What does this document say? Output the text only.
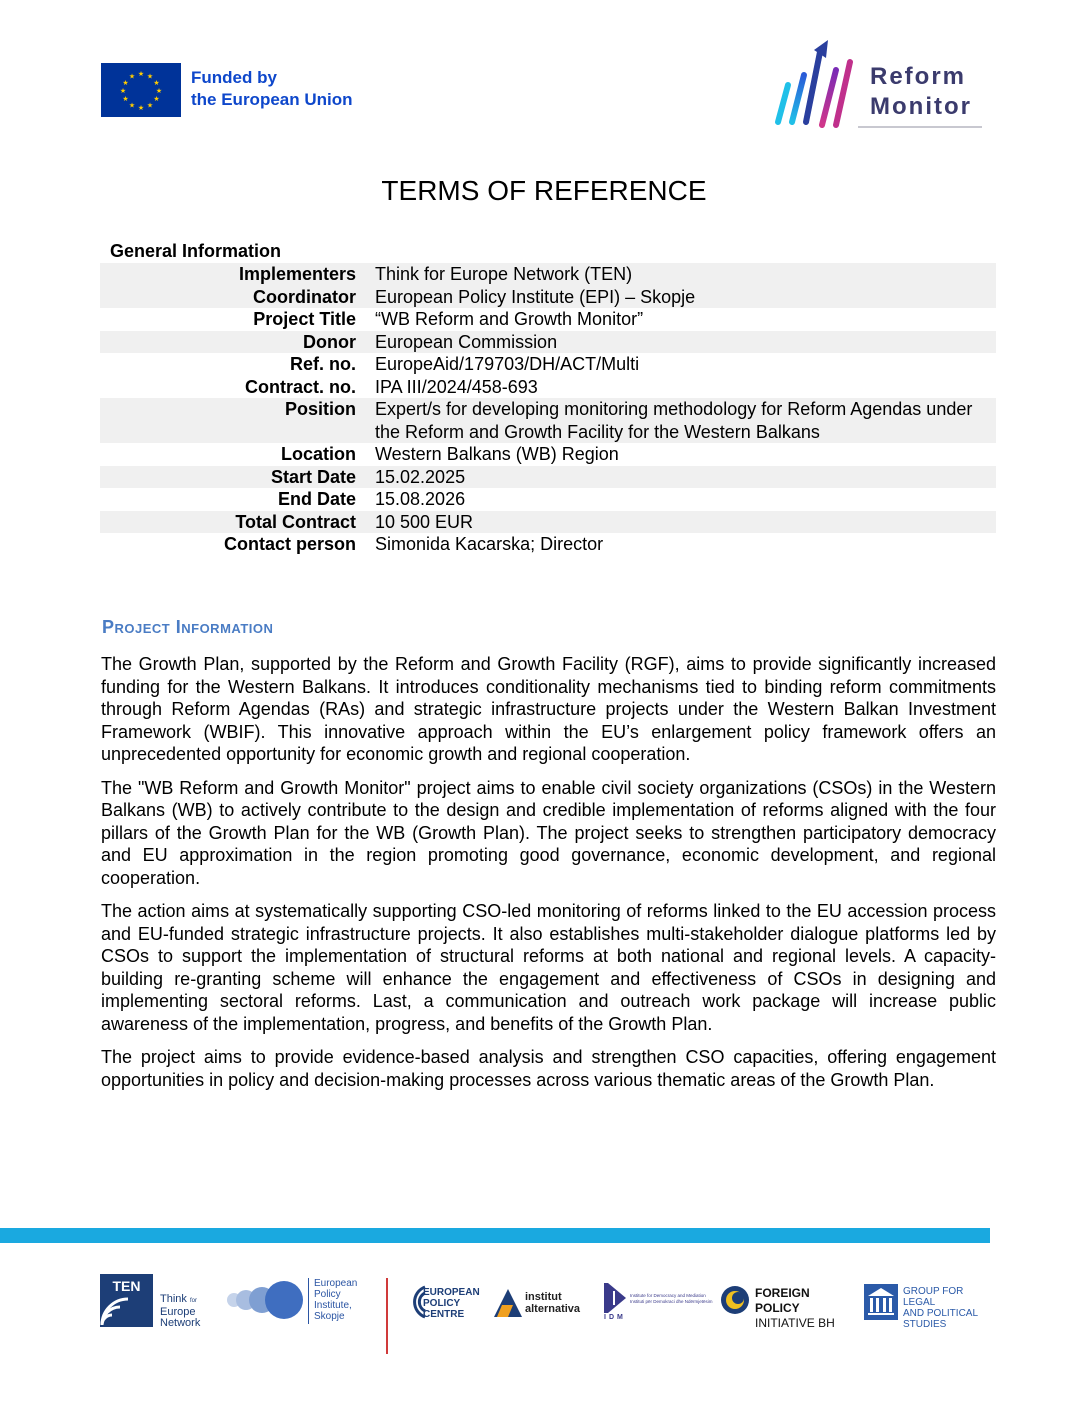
★ ★
★
★
★
★
★
★
★
★
★
★	Funded by
the European Union
Reform
Monitor
TERMS OF REFERENCE
General Information
Implementers	Think for Europe Network (TEN)
Coordinator	European Policy Institute (EPI) – Skopje
Project Title	“WB Reform and Growth Monitor”
Donor	European Commission
Ref. no.	EuropeAid/179703/DH/ACT/Multi
Contract. no.	IPA III/2024/458-693
Position	Expert/s for developing monitoring methodology for Reform Agendas under the Reform and Growth Facility for the Western Balkans
Location	Western Balkans (WB) Region
Start Date	15.02.2025
End Date	15.08.2026
Total Contract	10 500 EUR
Contact person	Simonida Kacarska; Director
Project Information

The Growth Plan, supported by the Reform and Growth Facility (RGF), aims to provide significantly increased funding for the Western Balkans. It introduces conditionality mechanisms tied to binding reform commitments through Reform Agendas (RAs) and strategic infrastructure projects under the Western Balkan Investment Framework (WBIF). This innovative approach within the EU’s enlargement policy framework offers an unprecedented opportunity for economic growth and regional cooperation.

The "WB Reform and Growth Monitor" project aims to enable civil society organizations (CSOs) in the Western Balkans (WB) to actively contribute to the design and credible implementation of reforms aligned with the four pillars of the Growth Plan for the WB (Growth Plan). The project seeks to strengthen participatory democracy and EU approximation in the region promoting good governance, economic development, and regional cooperation.

The action aims at systematically supporting CSO-led monitoring of reforms linked to the EU accession process and EU-funded strategic infrastructure projects. It also establishes multi-stakeholder dialogue platforms led by CSOs to support the implementation of structural reforms at both national and regional levels. A capacity-building re-granting scheme will enhance the engagement and effectiveness of CSOs in designing and implementing sectoral reforms. Last, a communication and outreach work package will increase public awareness of the implementation, progress, and benefits of the Growth Plan.

The project aims to provide evidence-based analysis and strengthen CSO capacities, offering engagement opportunities in policy and decision-making processes across various thematic areas of the Growth Plan.

TEN
Think for
Europe
Network
European
Policy
Institute,
Skopje
EUROPEAN
POLICY
CENTRE
institut
alternativa
IDM
Institute for Democracy and Mediation
Instituti për Demokraci dhe Ndërmjetësim
FOREIGN POLICY
INITIATIVE BH
GROUP FOR LEGAL
AND POLITICAL
STUDIES
